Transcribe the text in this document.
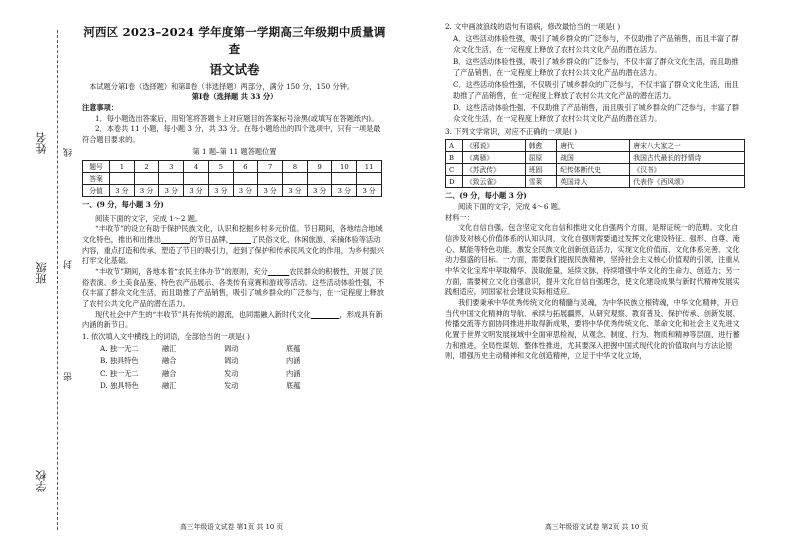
姓名 线
班级 封
学校
密
河西区 2023–2024 学年度第一学期高三年级期中质量调查
语文试卷

本试题分第Ⅰ卷（选择题）和第Ⅱ卷（非选择题）两部分，满分 150 分，150 分钟。

第Ⅰ卷（选择题 共 33 分）

注意事项：

1．每小题选出答案后，用铅笔将答题卡上对应题目的答案标号涂黑(或填写在答题纸内)。

2．本卷共 11 小题，每小题 3 分，共 33 分。在每小题给出的四个选项中，只有一项是最符合题目要求的。

第 1 题–第 11 题答题位置

题号	1	2	3	4	5	6	7	8	9	10	11
答案											
分值	3 分	3 分	3 分	3 分	3 分	3 分	3 分	3 分	3 分	3 分	3 分

一、(9 分，每小题 3 分)

阅读下面的文字，完成 1～2 题。

“丰收节”的设立有助于保护民族文化，认识和挖掘乡村多元价值。节日期间，各地结合地域文化特色，推出和出推出　　　　	的节日品牌，　　　	了民俗文化、休闲旅游、采摘体验等活动内容，重点打造和传承，塑造了节日的吸引力，赶到了保护和传承民风文化的作用，为乡村振兴打牢文化基础。

“丰收节”期间，各地本着“农民主体办节”的原则，充分　　　	农民群众的积极性，开展了民俗表演、乡土美食品鉴、特色农产品展示、各类传有竞赛和游戏等活动。这些活动体验性强，不仅丰富了群众文化生活，而且助推了产品销售，吸引了城乡群众的广泛参与，在一定程度上释放了农村公共文化产品的潜在活力。

现代社会中产生的“丰收节”具有传统的源流，也同需融入新时代文化　　　　	，形成具有新内涵的新节日。

1. 依次填入文中横线上的词语，全部恰当的一项是( )

A. 独一无二	融汇	调动	底蕴
B. 独具特色	融合	调动	内涵
C. 独一无二	融合	发动	内涵
D. 独具特色	融汇	发动	底蕴
高三年级语文试卷 第1页 共 10 页

2. 文中画波浪线的语句有语病，修改最恰当的一项是( )

A．这些活动体验性强，吸引了城乡群众的广泛参与，不仅助推了产品销售，而且丰富了群众文化生活，在一定程度上释放了农村公共文化产品的潜在活力。

B．这些活动体验性强，吸引了城乡群众的广泛参与，不仅丰富了群众文化生活，而且助推了产品销售，在一定程度上释放了农村公共文化产品的潜在活力。

C．这些活动体验性强，不仅吸引了城乡群众的广泛参与，不仅丰富了群众文化生活，而且助推了产品销售，在一定程度上释放了农村公共文化产品的潜在活力。

D．这些活动体验性强，不仅助推了产品销售，而且吸引了城乡群众的广泛参与，丰富了群众文化生活，在一定程度上释放了农村公共文化产品的潜在活力。

3. 下列文学常识，对应不正确的一项是( )

A	《邪说》	韩愈	唐代	唐宋八大家之一
B	《离骚》	屈原	战国	我国古代最长的抒情诗
C	《苏武传》	班固	纪传体断代史	《汉书》
D	《致云雀》	雪莱	英国诗人	代表作《西风颂》

二、(9 分，每小题 3 分)

阅读下面的文字，完成 4～6 题。

材料一：

文化自信自强，包含坚定文化自信和推进文化自强两个方面，是辩证统一的范畴。文化自信涉及对核心价值体系的认知认同，文化自强则需要通过发挥文化建设特征、强形、自尊、淹心、赋能等特色功能，激发全民族文化创新创造活力，实现文化价值而、文化体系完善、文化动力强盛的目标。一方面，需要我们提振民族精神，坚持社会主义核心价值观的引领，注重从中华文化宝库中萃取精华、汲取能量，延续文脉，持续增强中华文化的生命力、创造力；另一方面，需要树立文化自强意识，提升文化自信自强理念，使文化建设成果与新时代精神发展实践相适应，同国家社会建设实际相适应。

我们要秉承中华优秀传统文化的精髓与灵魂，为中华民族立根铸魂，中华文化精神，开启当代中国文化精神的导航、承续与拓展疆界，从研究观察、教育普及、保护传承、创新发展、传播交流等方面协同推进并取得新成果，要将中华优秀传统文化、革命文化和社会主义先进文化置于世界文明发展视域中全面审思检视，从观念、制度、行为、物质和精神等层面，进行蓄力和推进，全局性谋划、整体性推进，尤其要深入把握中国式现代化的价值取向与方法论原则，增强历史主动精神和文化创造精神，立足于中华文化立场，

高三年级语文试卷 第2页 共 10 页
